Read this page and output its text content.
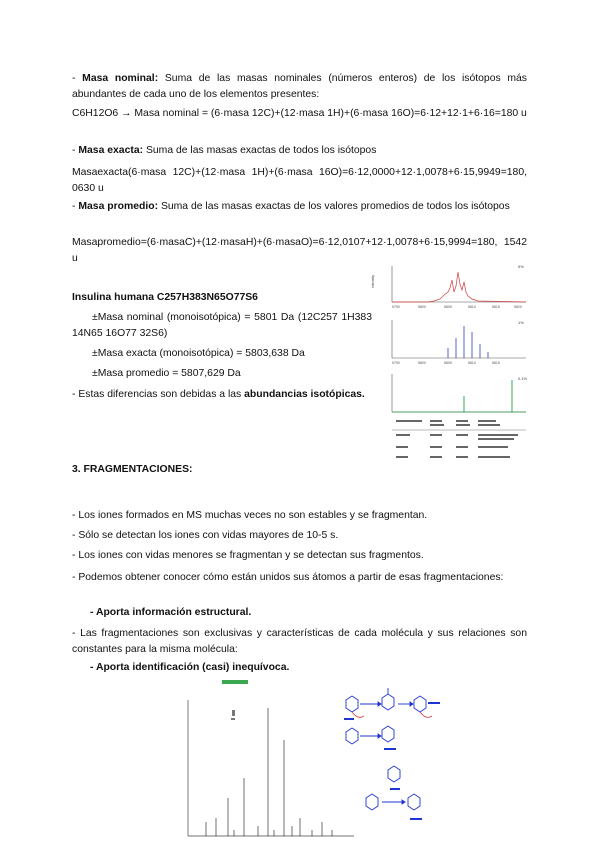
- Masa nominal: Suma de las masas nominales (números enteros) de los isótopos más abundantes de cada uno de los elementos presentes:

C6H12O6 → Masa nominal = (6·masa 12C)+(12·masa 1H)+(6·masa 16O)=6·12+12·1+6·16=180 u

- Masa exacta: Suma de las masas exactas de todos los isótopos

Masaexacta(6·masa 12C)+(12·masa 1H)+(6·masa 16O)=6·12,0000+12·1,0078+6·15,9949=180, 0630 u

- Masa promedio: Suma de las masas exactas de los valores promedios de todos los isótopos

Masapromedio=(6·masaC)+(12·masaH)+(6·masaO)=6·12,0107+12·1,0078+6·15,9994=180, 1542 u

Insulina humana C257H383N65O77S6

±Masa nominal (monoisotópica) = 5801 Da (12C257 1H383 14N65 16O77 32S6)

±Masa exacta (monoisotópica) = 5803,638 Da

±Masa promedio = 5807,629 Da

- Estas diferencias son debidas a las abundancias isotópicas.

Intensity
5%
5790	5800	5805	5810	5815	5820
1%
5790	5800	5805	5810	5815
0.1%

3. FRAGMENTACIONES:

- Los iones formados en MS muchas veces no son estables y se fragmentan.

- Sólo se detectan los iones con vidas mayores de 10-5 s.

- Los iones con vidas menores se fragmentan y se detectan sus fragmentos.

- Podemos obtener conocer cómo están unidos sus átomos a partir de esas fragmentaciones:

- Aporta información estructural.

- Las fragmentaciones son exclusivas y características de cada molécula y sus relaciones son constantes para la misma molécula:

- Aporta identificación (casi) inequívoca.
